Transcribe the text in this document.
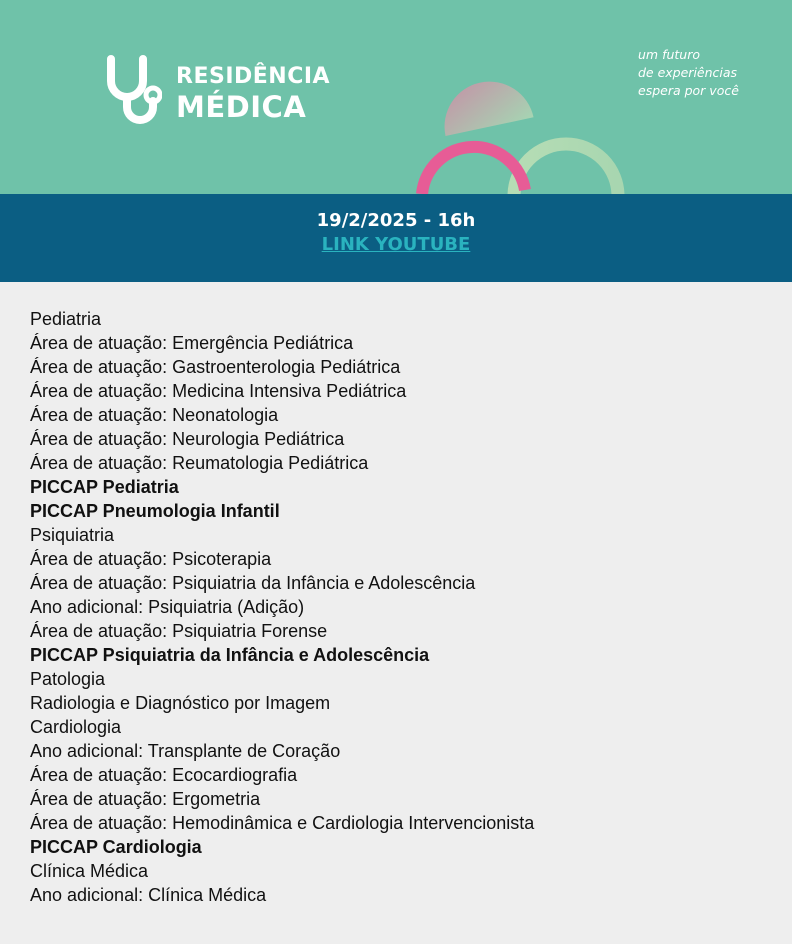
RESIDÊNCIA
MÉDICA
um futuro
de experiências
espera por você
19/2/2025 - 16h
LINK YOUTUBE
Pediatria
Área de atuação: Emergência Pediátrica
Área de atuação: Gastroenterologia Pediátrica
Área de atuação: Medicina Intensiva Pediátrica
Área de atuação: Neonatologia
Área de atuação: Neurologia Pediátrica
Área de atuação: Reumatologia Pediátrica
PICCAP Pediatria
PICCAP Pneumologia Infantil
Psiquiatria
Área de atuação: Psicoterapia
Área de atuação: Psiquiatria da Infância e Adolescência
Ano adicional: Psiquiatria (Adição)
Área de atuação: Psiquiatria Forense
PICCAP Psiquiatria da Infância e Adolescência
Patologia
Radiologia e Diagnóstico por Imagem
Cardiologia
Ano adicional: Transplante de Coração
Área de atuação: Ecocardiografia
Área de atuação: Ergometria
Área de atuação: Hemodinâmica e Cardiologia Intervencionista
PICCAP Cardiologia
Clínica Médica
Ano adicional: Clínica Médica
